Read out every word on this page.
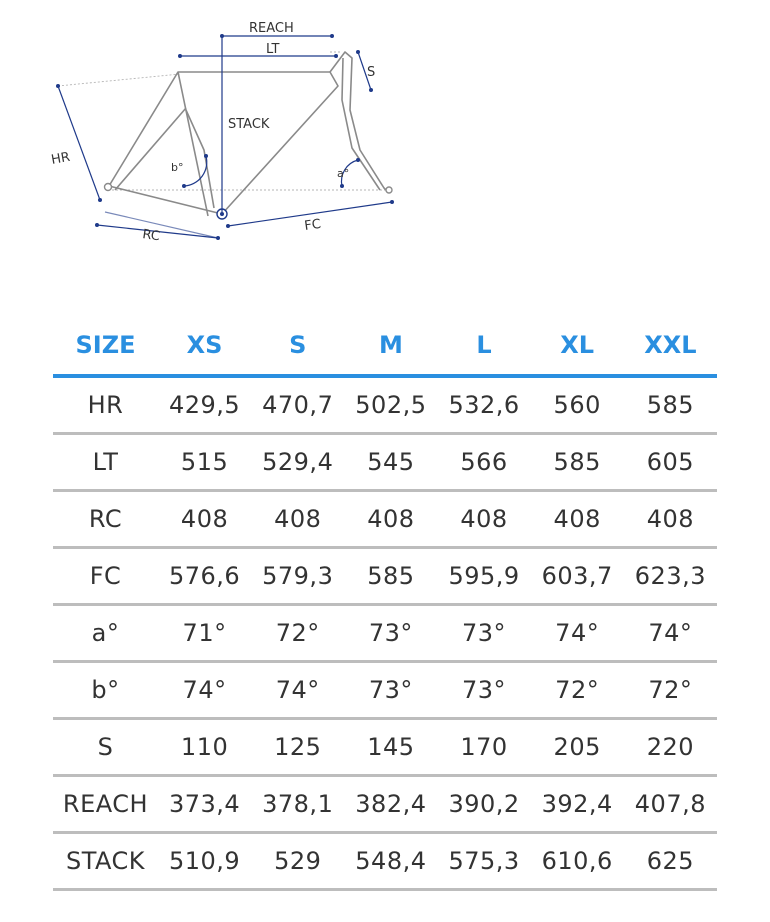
REACH
LT
S
STACK
HR	b°	a°
RC
FC
SIZE	XS	S	M	L	XL	XXL
HR	429,5	470,7	502,5	532,6	560	585
LT	515	529,4	545	566	585	605
RC	408	408	408	408	408	408
FC	576,6	579,3	585	595,9	603,7	623,3
a°	71°	72°	73°	73°	74°	74°
b°	74°	74°	73°	73°	72°	72°
S	110	125	145	170	205	220
REACH	373,4	378,1	382,4	390,2	392,4	407,8
STACK	510,9	529	548,4	575,3	610,6	625
